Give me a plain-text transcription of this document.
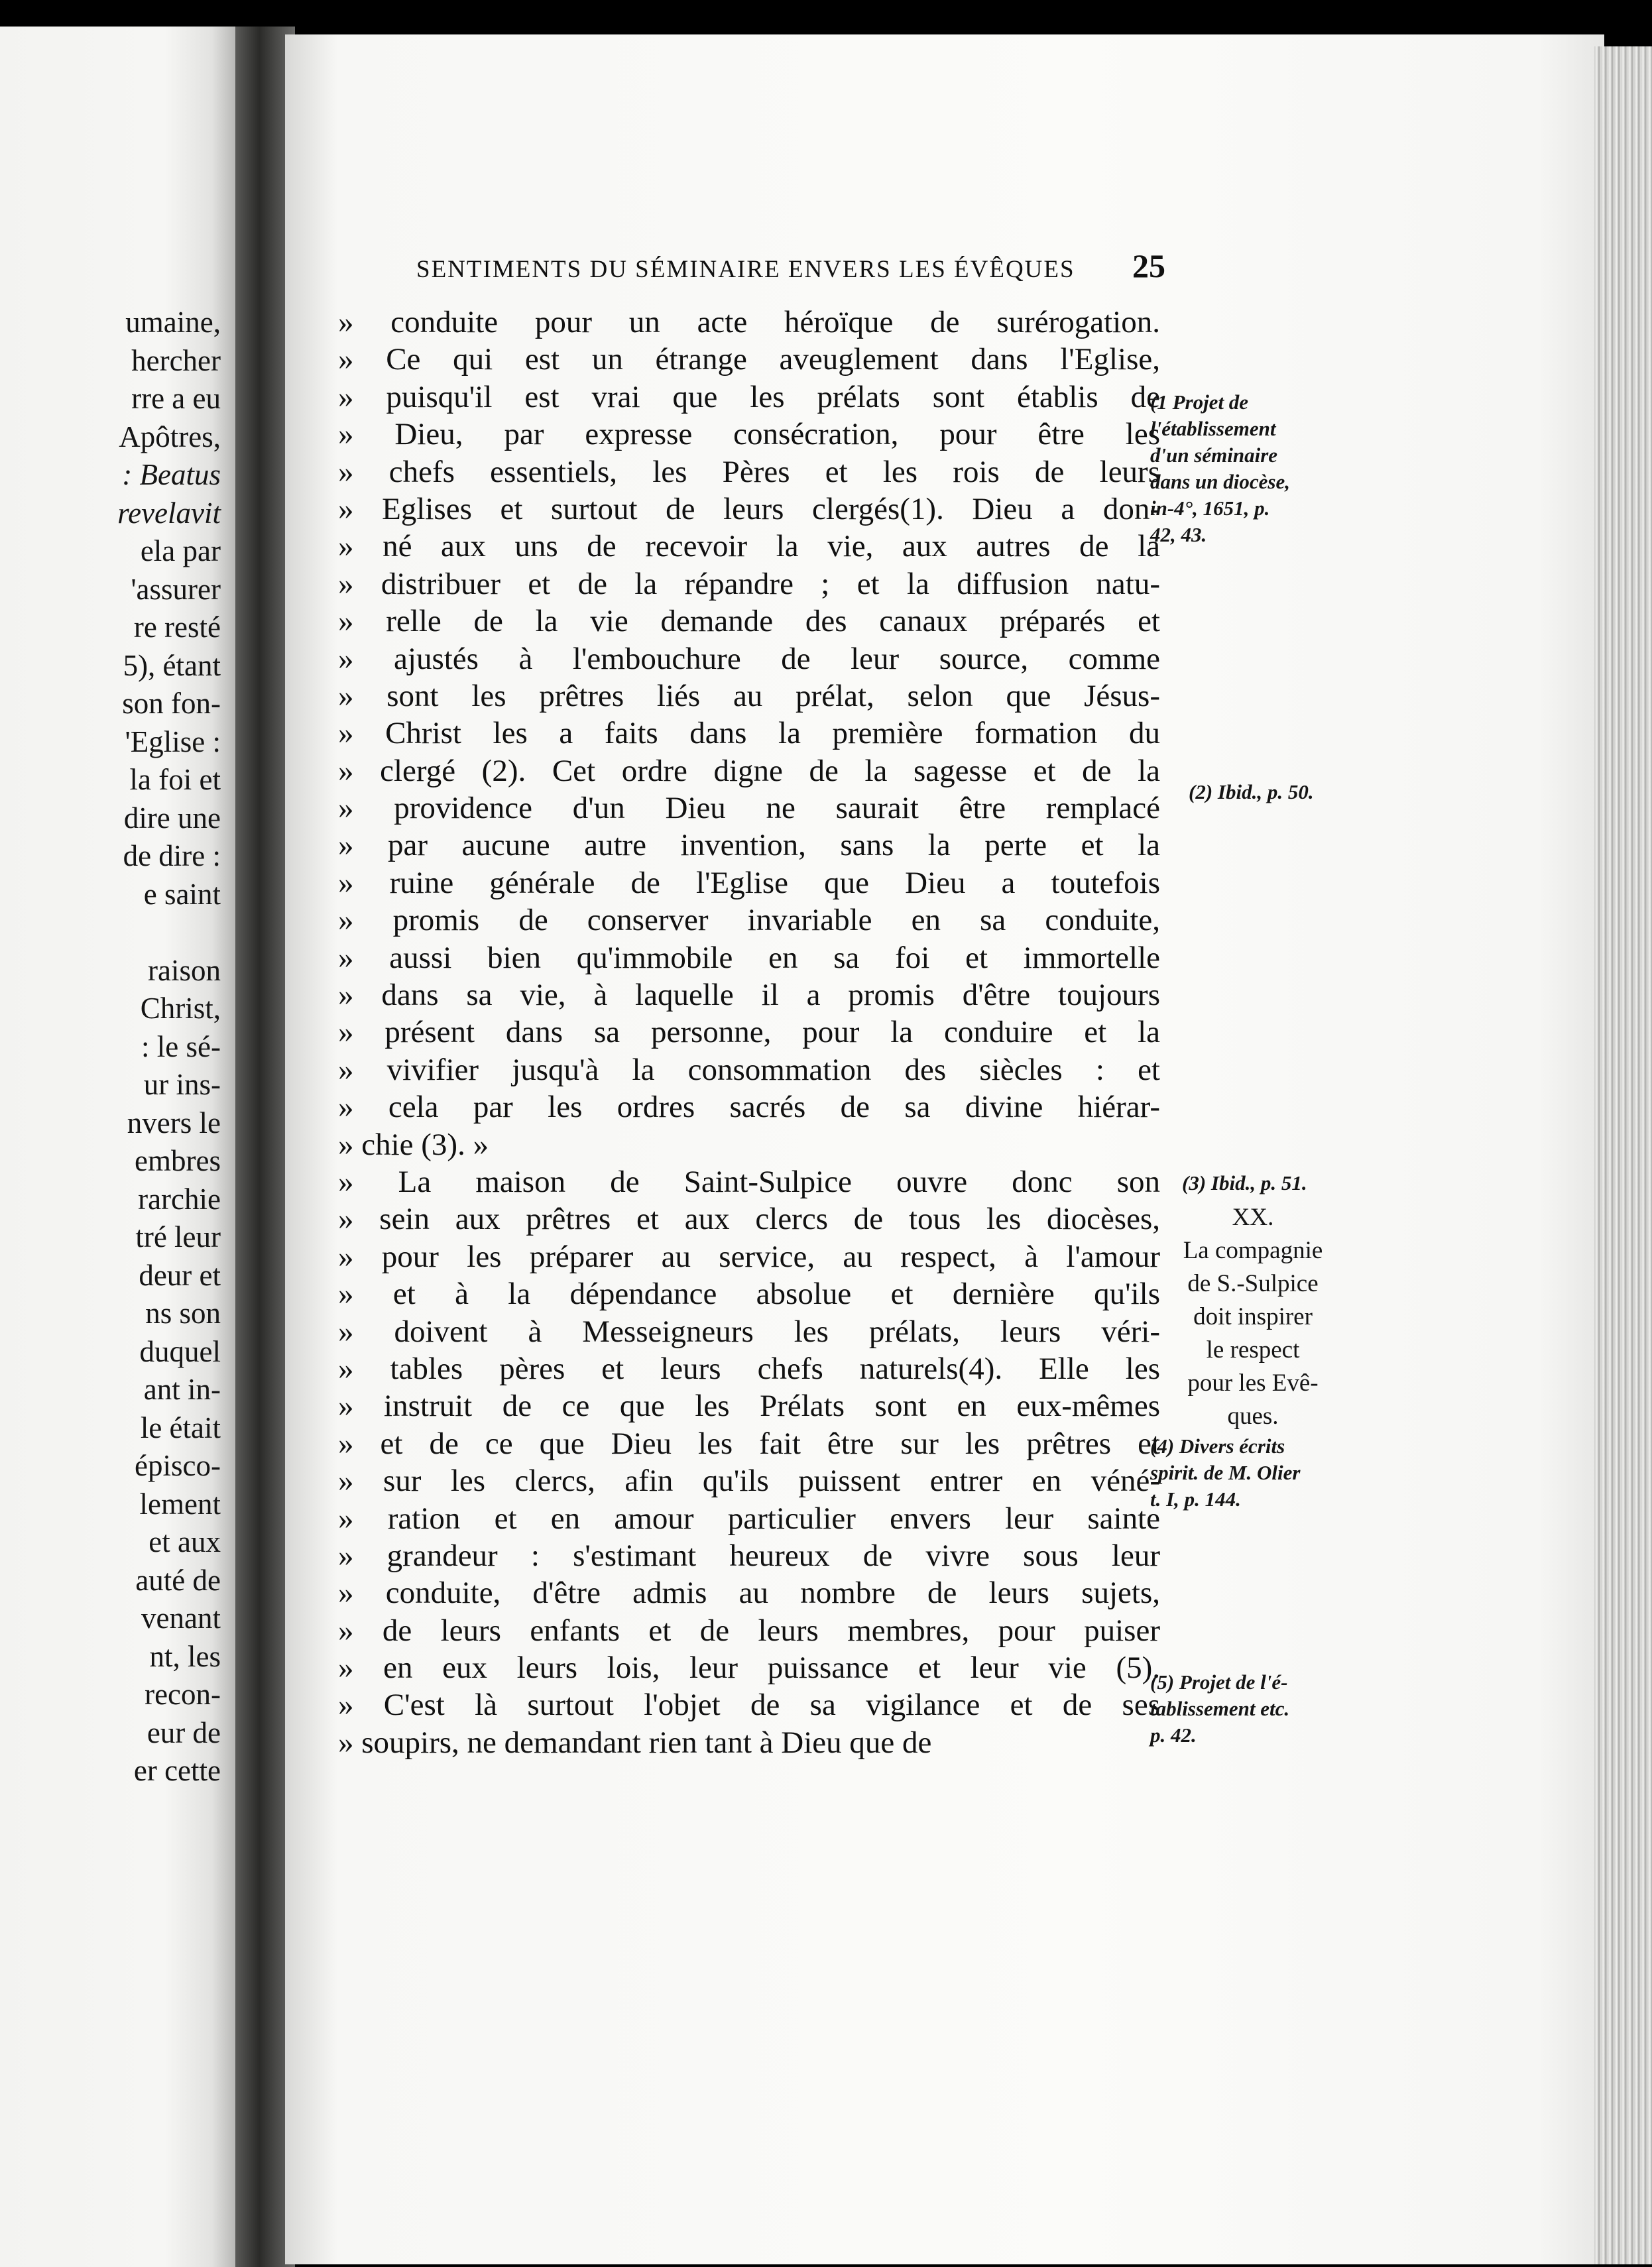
umaine,
hercher
rre a eu
Apôtres,
: Beatus
revelavit
ela par
'assurer
re resté
5), étant
son fon-
'Eglise :
la foi et
dire une
de dire :
e saint
raison
Christ,
: le sé-
ur ins-
nvers le
embres
rarchie
tré leur
deur et
ns son
duquel
ant in-
le était
épisco-
lement
et aux
auté de
venant
nt, les
recon-
eur de
er cette
SENTIMENTS DU SÉMINAIRE ENVERS LES ÉVÊQUES 25
» conduite pour un acte héroïque de surérogation.
» Ce qui est un étrange aveuglement dans l'Eglise,
» puisqu'il est vrai que les prélats sont établis de
» Dieu, par expresse consécration, pour être les
» chefs essentiels, les Pères et les rois de leurs
» Eglises et surtout de leurs clergés(1). Dieu a don-
» né aux uns de recevoir la vie, aux autres de la
» distribuer et de la répandre ; et la diffusion natu-
» relle de la vie demande des canaux préparés et
» ajustés à l'embouchure de leur source, comme
» sont les prêtres liés au prélat, selon que Jésus-
» Christ les a faits dans la première formation du
» clergé (2). Cet ordre digne de la sagesse et de la
» providence d'un Dieu ne saurait être remplacé
» par aucune autre invention, sans la perte et la
» ruine générale de l'Eglise que Dieu a toutefois
» promis de conserver invariable en sa conduite,
» aussi bien qu'immobile en sa foi et immortelle
» dans sa vie, à laquelle il a promis d'être toujours
» présent dans sa personne, pour la conduire et la
» vivifier jusqu'à la consommation des siècles : et
» cela par les ordres sacrés de sa divine hiérar-
» chie (3). »
» La maison de Saint-Sulpice ouvre donc son
» sein aux prêtres et aux clercs de tous les diocèses,
» pour les préparer au service, au respect, à l'amour
» et à la dépendance absolue et dernière qu'ils
» doivent à Messeigneurs les prélats, leurs véri-
» tables pères et leurs chefs naturels(4). Elle les
» instruit de ce que les Prélats sont en eux-mêmes
» et de ce que Dieu les fait être sur les prêtres et
» sur les clercs, afin qu'ils puissent entrer en véné-
» ration et en amour particulier envers leur sainte
» grandeur : s'estimant heureux de vivre sous leur
» conduite, d'être admis au nombre de leurs sujets,
» de leurs enfants et de leurs membres, pour puiser
» en eux leurs lois, leur puissance et leur vie (5).
» C'est là surtout l'objet de sa vigilance et de ses
» soupirs, ne demandant rien tant à Dieu que de
(1 Projet de
l'établissement
d'un séminaire
dans un diocèse,
in-4°, 1651, p.
42, 43.
(2) Ibid., p. 50.
(3) Ibid., p. 51.
XX.
La compagnie
de S.-Sulpice
doit inspirer
le respect
pour les Evê-
ques.
(4) Divers écrits
spirit. de M. Olier
t. I, p. 144.
(5) Projet de l'é-
tablissement etc.
p. 42.
